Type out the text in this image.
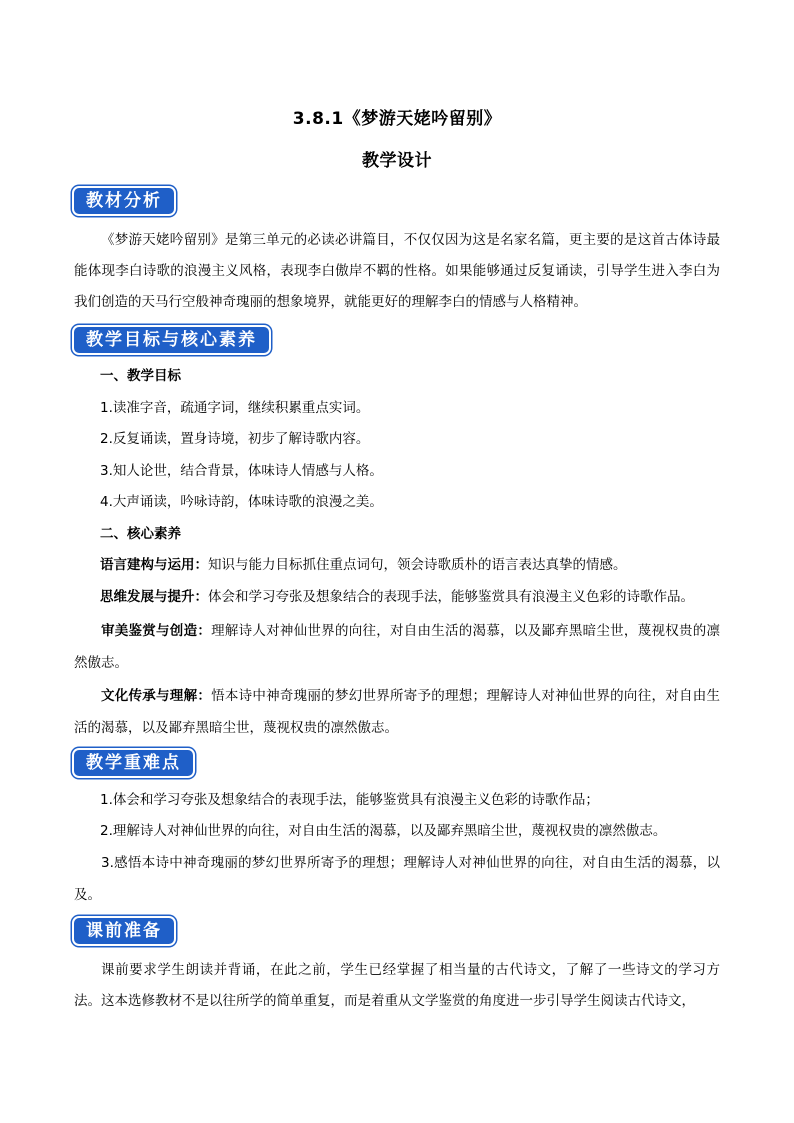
3.8.1《梦游天姥吟留别》
教学设计
教材分析
《梦游天姥吟留别》是第三单元的必读必讲篇目，不仅仅因为这是名家名篇，更主要的是这首古体诗最能体现李白诗歌的浪漫主义风格，表现李白傲岸不羁的性格。如果能够通过反复诵读，引导学生进入李白为我们创造的天马行空般神奇瑰丽的想象境界，就能更好的理解李白的情感与人格精神。
教学目标与核心素养
一、教学目标
1.读准字音，疏通字词，继续积累重点实词。
2.反复诵读，置身诗境，初步了解诗歌内容。
3.知人论世，结合背景，体味诗人情感与人格。
4.大声诵读，吟咏诗韵，体味诗歌的浪漫之美。
二、核心素养
语言建构与运用：知识与能力目标抓住重点词句，领会诗歌质朴的语言表达真挚的情感。
思维发展与提升：体会和学习夸张及想象结合的表现手法，能够鉴赏具有浪漫主义色彩的诗歌作品。
审美鉴赏与创造：理解诗人对神仙世界的向往，对自由生活的渴慕，以及鄙弃黑暗尘世，蔑视权贵的凛然傲志。
文化传承与理解：悟本诗中神奇瑰丽的梦幻世界所寄予的理想；理解诗人对神仙世界的向往，对自由生活的渴慕，以及鄙弃黑暗尘世，蔑视权贵的凛然傲志。
教学重难点
1.体会和学习夸张及想象结合的表现手法，能够鉴赏具有浪漫主义色彩的诗歌作品；
2.理解诗人对神仙世界的向往，对自由生活的渴慕，以及鄙弃黑暗尘世，蔑视权贵的凛然傲志。
3.感悟本诗中神奇瑰丽的梦幻世界所寄予的理想；理解诗人对神仙世界的向往，对自由生活的渴慕，以及。
课前准备
课前要求学生朗读并背诵，在此之前，学生已经掌握了相当量的古代诗文，了解了一些诗文的学习方法。这本选修教材不是以往所学的简单重复，而是着重从文学鉴赏的角度进一步引导学生阅读古代诗文，
